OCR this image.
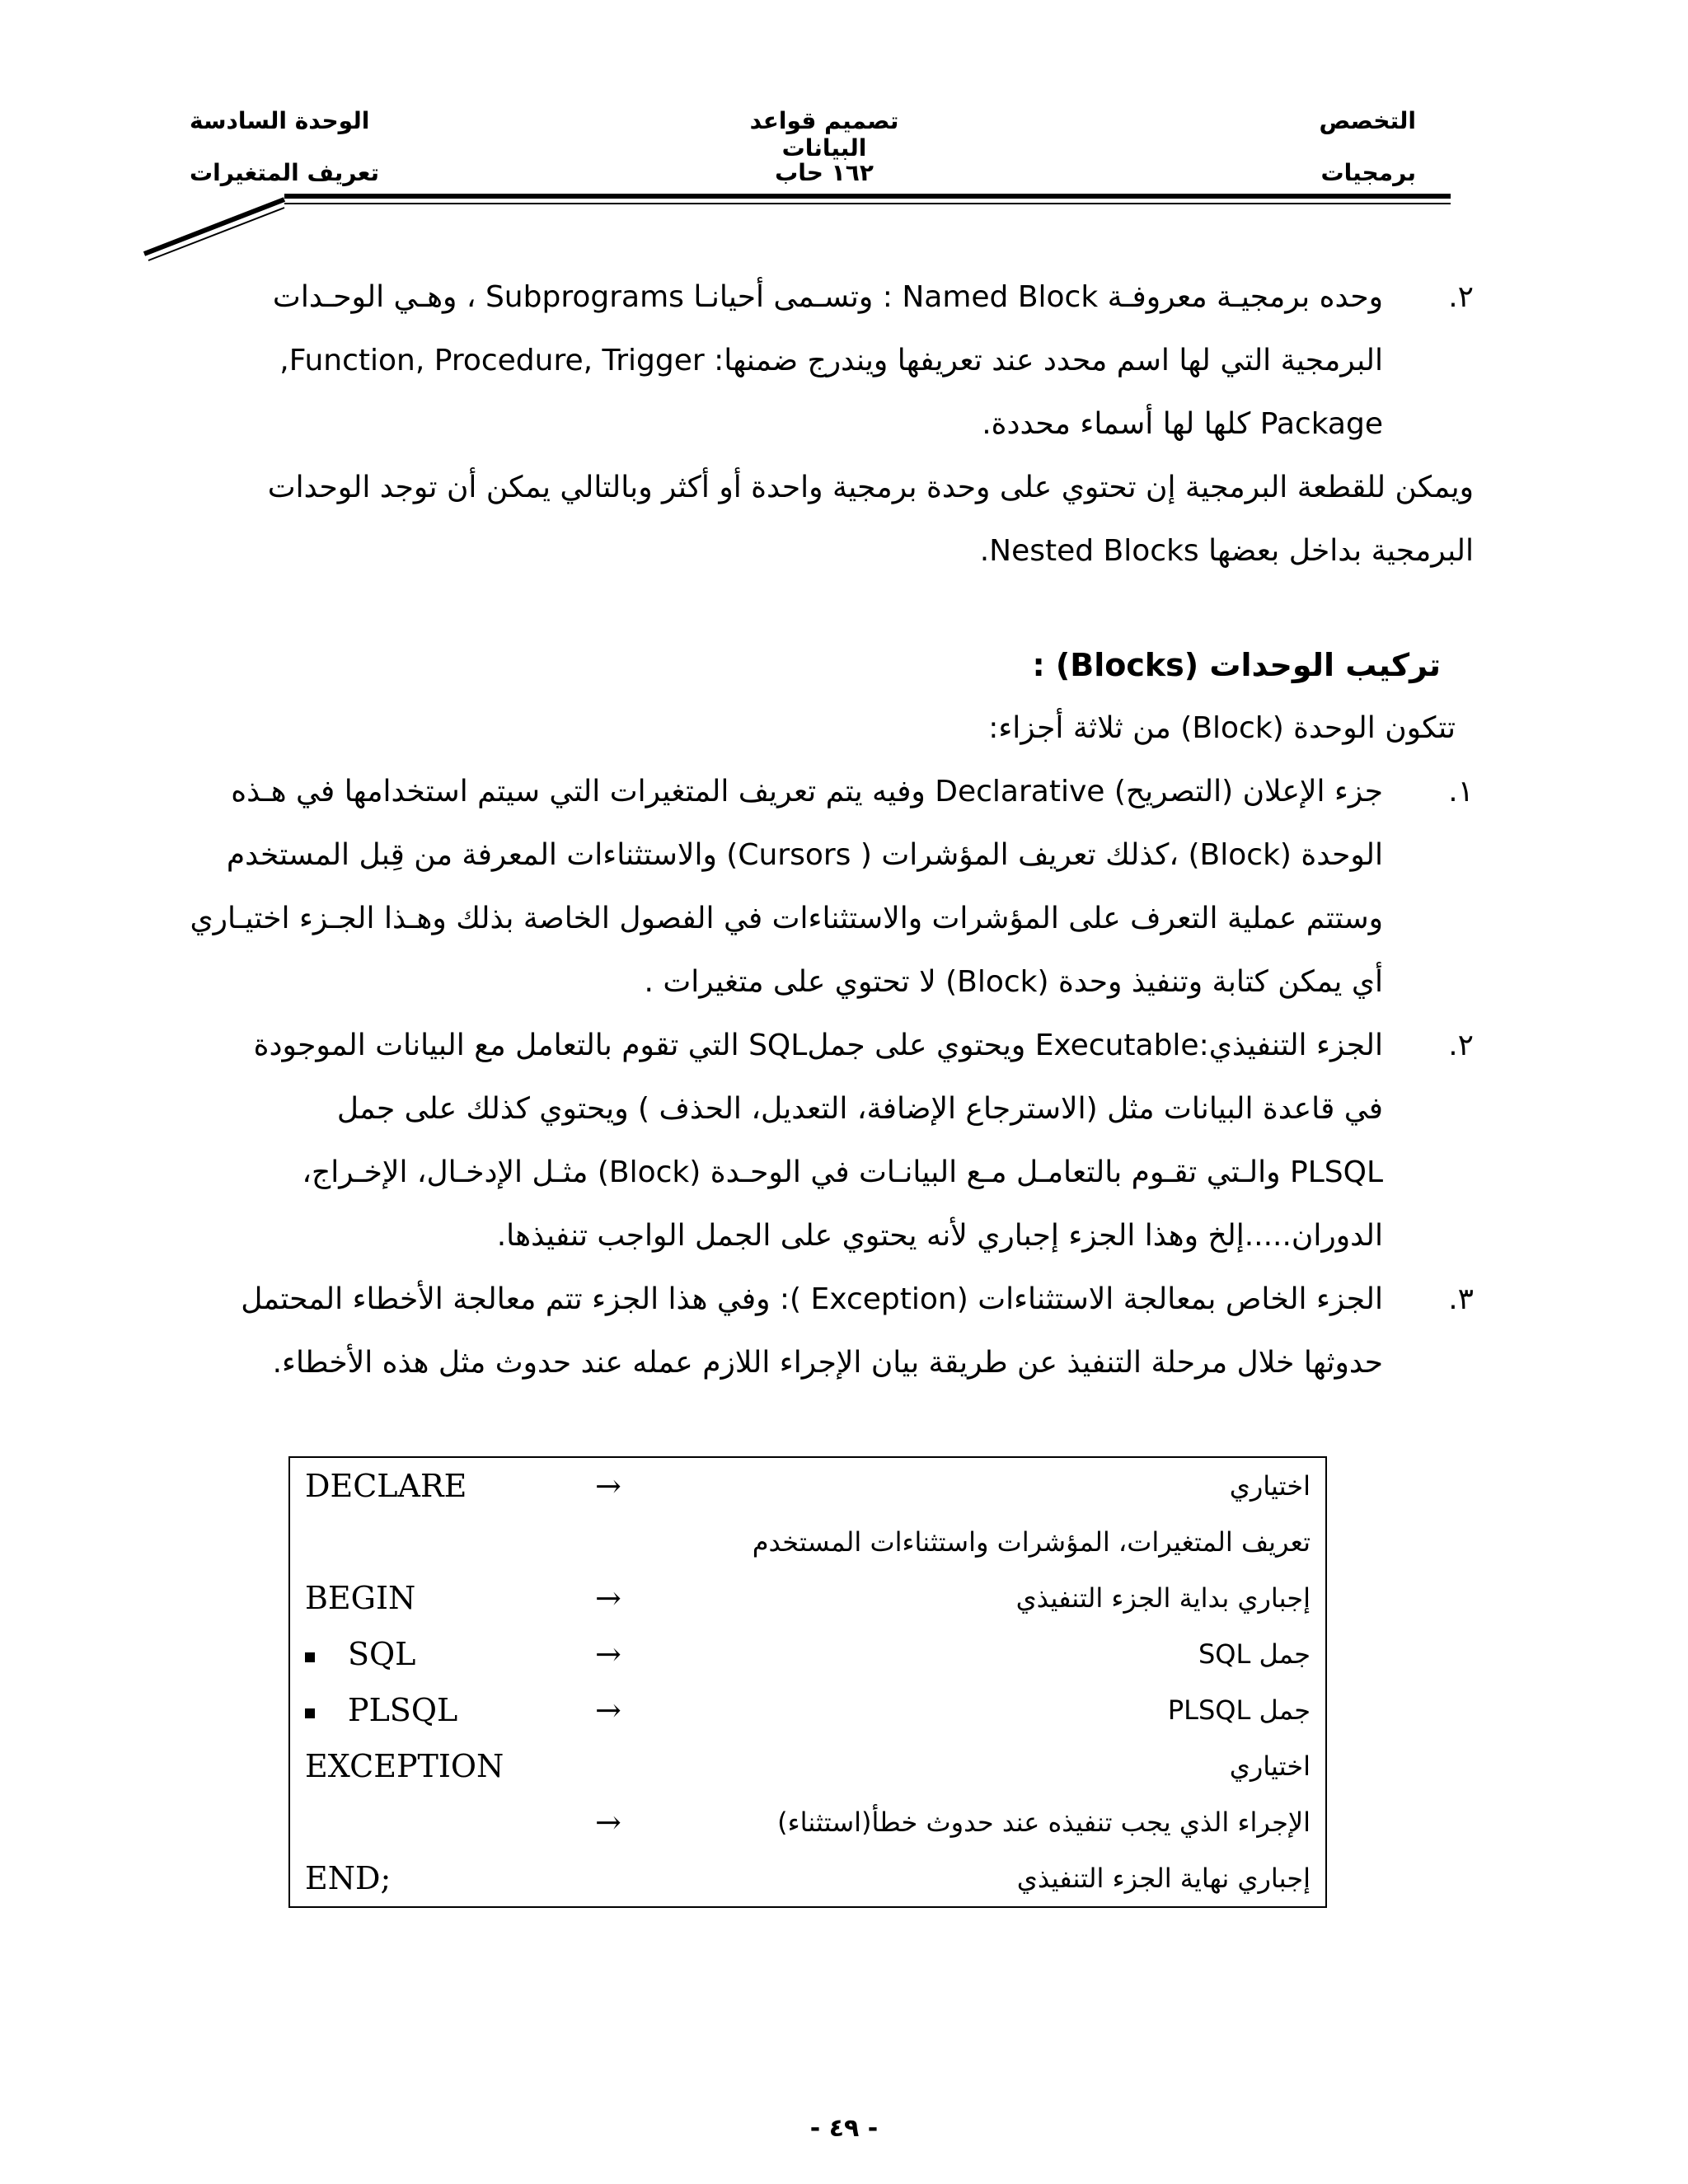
التخصص
برمجيات
تصميم قواعد البيانات
١٦٢ حاب
الوحدة السادسة
تعريف المتغيرات
٢.
وحده برمجيـة معروفـة Named Block : وتسـمى أحيانـا Subprograms ، وهـي الوحـدات
البرمجية التي لها اسم محدد عند تعريفها ويندرج ضمنها: Function, Procedure, Trigger,
Package كلها لها أسماء محددة.
ويمكن للقطعة البرمجية إن تحتوي على وحدة برمجية واحدة أو أكثر وبالتالي يمكن أن توجد الوحدات
البرمجية بداخل بعضها Nested Blocks.
تركيب الوحدات (Blocks) :
تتكون الوحدة (Block) من ثلاثة أجزاء:
١.
جزء الإعلان (التصريح) Declarative وفيه يتم تعريف المتغيرات التي سيتم استخدامها في هـذه
الوحدة (Block) ،كذلك تعريف المؤشرات ( Cursors) والاستثناءات المعرفة من قِبل المستخدم
وستتم عملية التعرف على المؤشرات والاستثناءات في الفصول الخاصة بذلك وهـذا الجـزء اختيـاري
أي يمكن كتابة وتنفيذ وحدة (Block) لا تحتوي على متغيرات .
٢.
الجزء التنفيذي:Executable ويحتوي على جملSQL التي تقوم بالتعامل مع البيانات الموجودة
في قاعدة البيانات مثل (الاسترجاع الإضافة، التعديل، الحذف ) ويحتوي كذلك على جمل
PLSQL والـتي تقـوم بالتعامـل مـع البيانـات في الوحـدة (Block) مثـل الإدخـال، الإخـراج،
الدوران.....إلخ وهذا الجزء إجباري لأنه يحتوي على الجمل الواجب تنفيذها.
٣.
الجزء الخاص بمعالجة الاستثناءات (Exception ): وفي هذا الجزء تتم معالجة الأخطاء المحتمل
حدوثها خلال مرحلة التنفيذ عن طريقة بيان الإجراء اللازم عمله عند حدوث مثل هذه الأخطاء.
DECLARE	→	اختياري
		تعريف المتغيرات، المؤشرات واستثناءات المستخدم
BEGIN	→	إجباري بداية الجزء التنفيذي
SQL	→	جمل SQL
PLSQL	→	جمل PLSQL
EXCEPTION		اختياري
	→	الإجراء الذي يجب تنفيذه عند حدوث خطأ(استثناء)
END;		إجباري نهاية الجزء التنفيذي
- ٤٩ -
